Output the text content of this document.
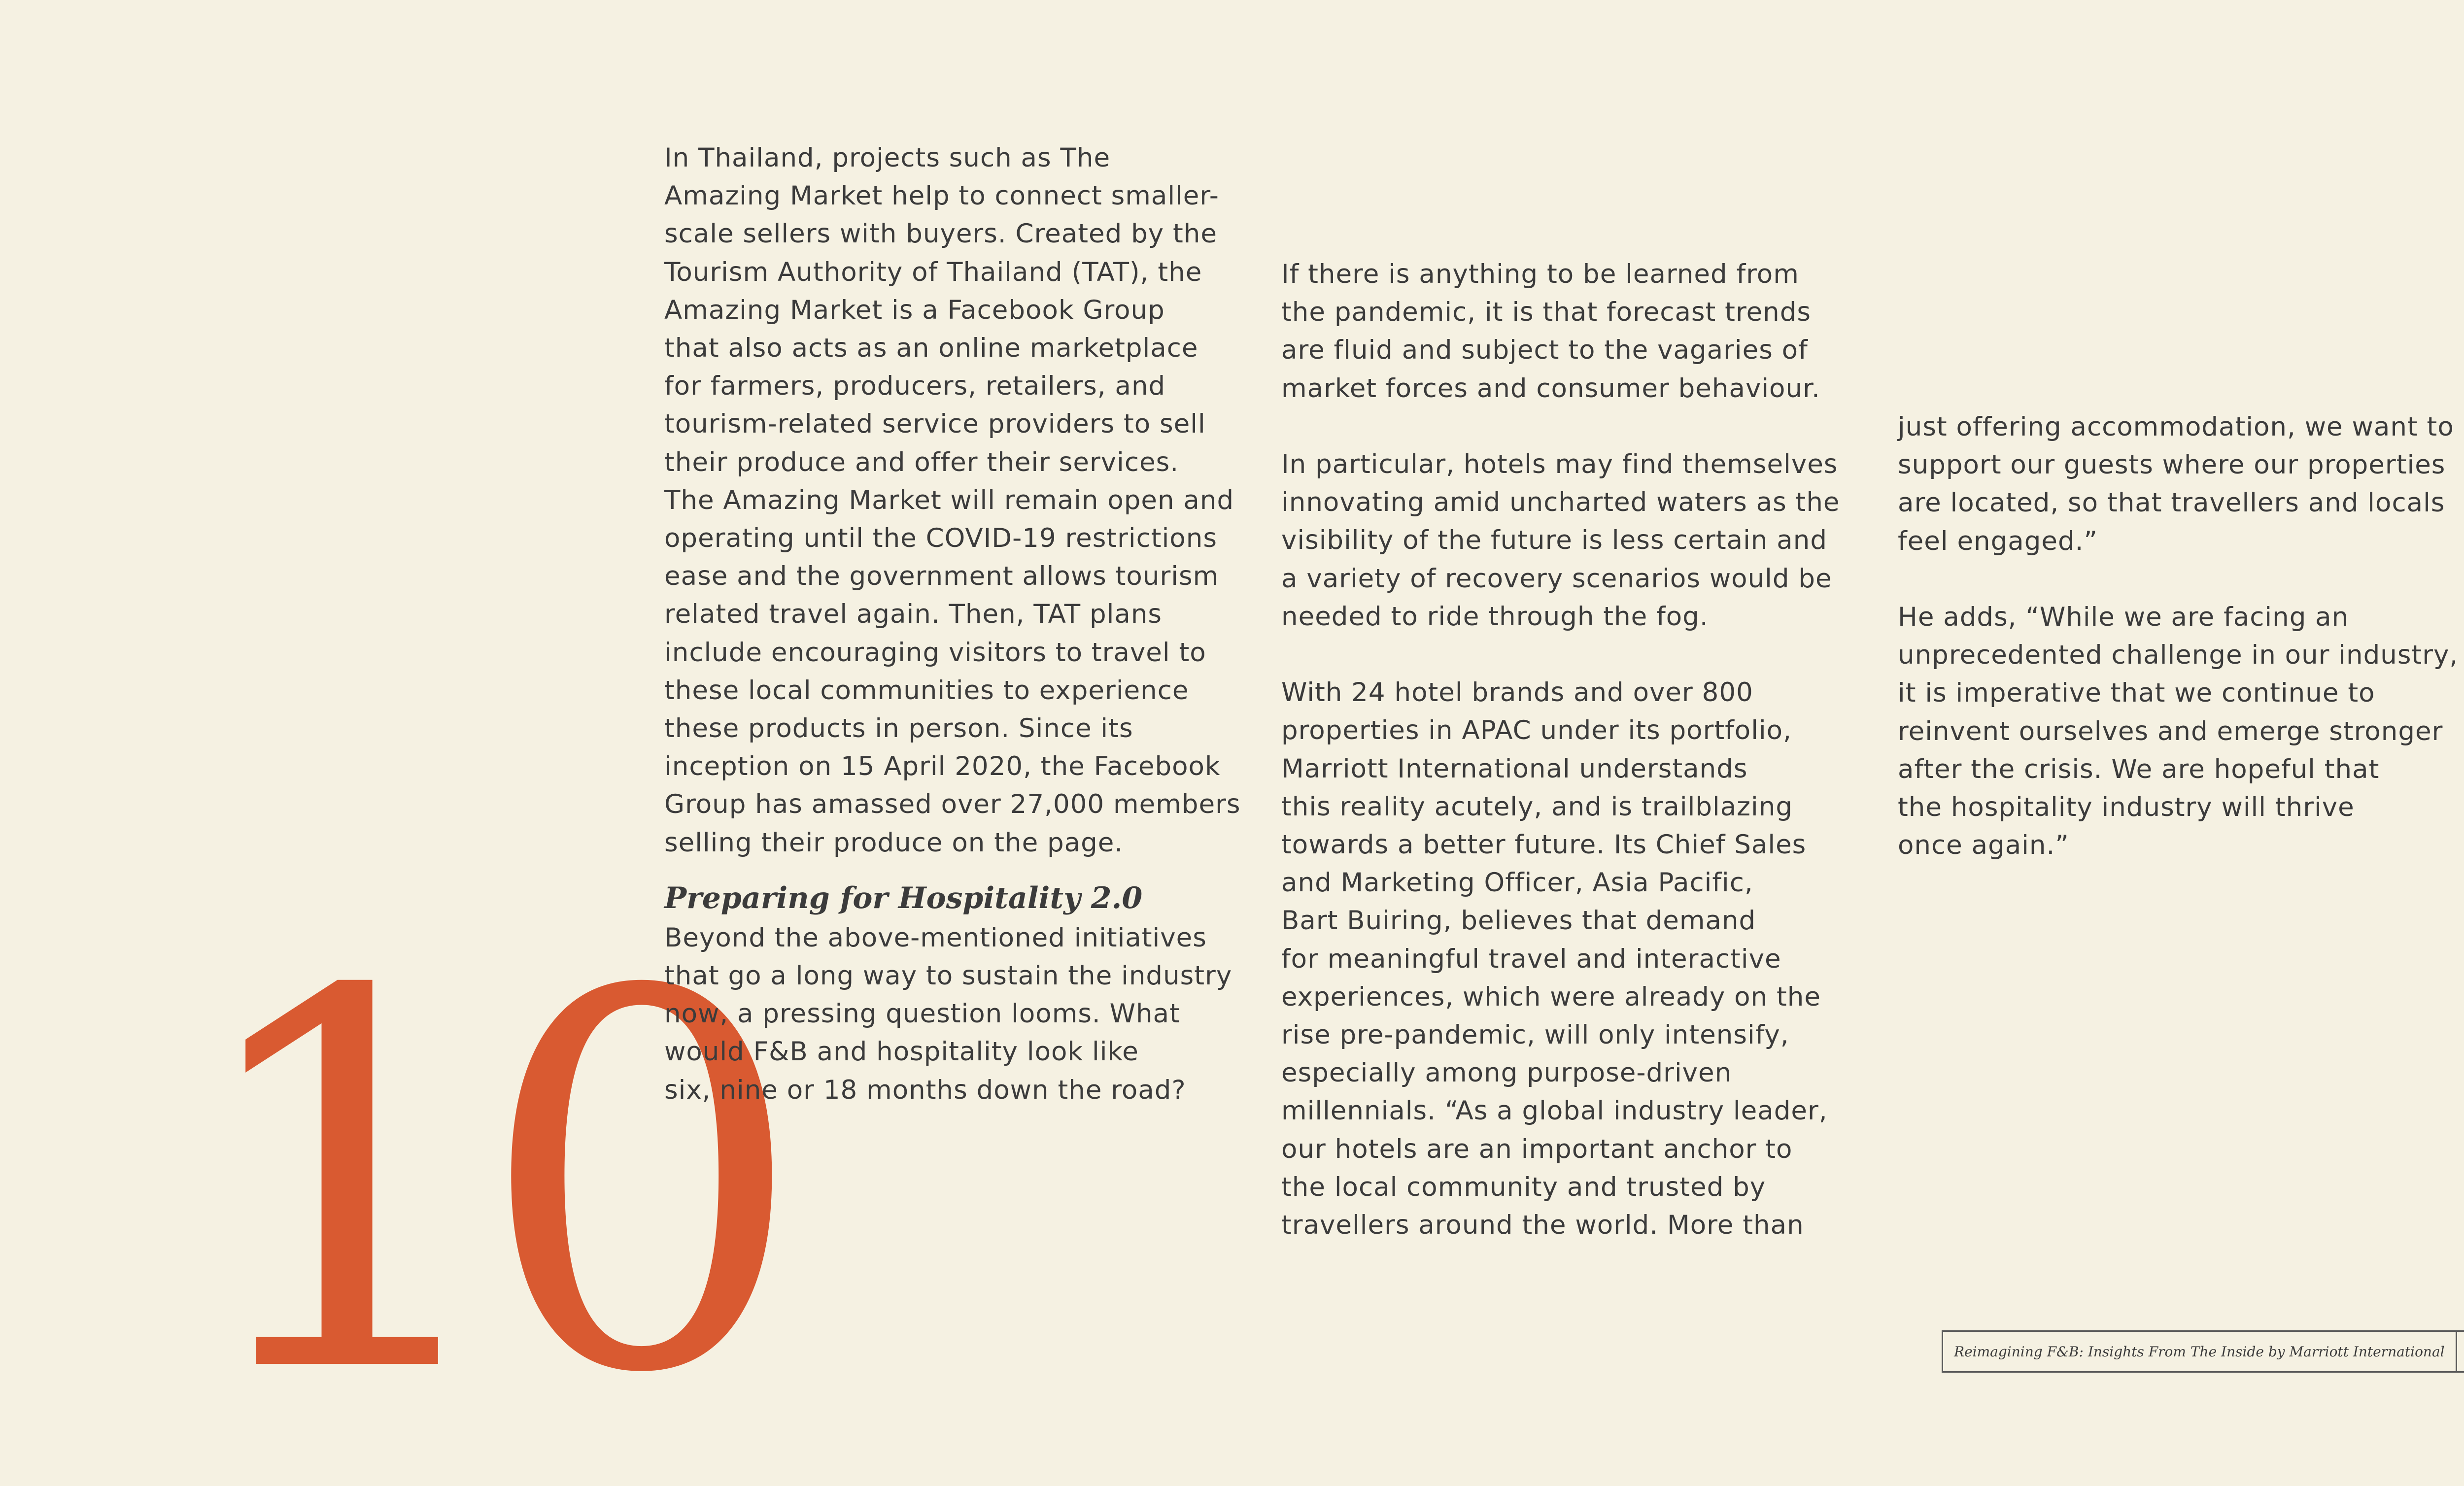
10

In Thailand, projects such as The
Amazing Market help to connect smaller-
scale sellers with buyers. Created by the
Tourism Authority of Thailand (TAT), the
Amazing Market is a Facebook Group
that also acts as an online marketplace
for farmers, producers, retailers, and
tourism-related service providers to sell
their produce and offer their services.
The Amazing Market will remain open and
operating until the COVID-19 restrictions
ease and the government allows tourism
related travel again. Then, TAT plans
include encouraging visitors to travel to
these local communities to experience
these products in person. Since its
inception on 15 April 2020, the Facebook
Group has amassed over 27,000 members
selling their produce on the page.

Preparing for Hospitality 2.0

Beyond the above-mentioned initiatives
that go a long way to sustain the industry
now, a pressing question looms. What
would F&B and hospitality look like
six, nine or 18 months down the road?

If there is anything to be learned from
the pandemic, it is that forecast trends
are fluid and subject to the vagaries of
market forces and consumer behaviour.

In particular, hotels may find themselves
innovating amid uncharted waters as the
visibility of the future is less certain and
a variety of recovery scenarios would be
needed to ride through the fog.

With 24 hotel brands and over 800
properties in APAC under its portfolio,
Marriott International understands
this reality acutely, and is trailblazing
towards a better future. Its Chief Sales
and Marketing Officer, Asia Pacific,
Bart Buiring, believes that demand
for meaningful travel and interactive
experiences, which were already on the
rise pre-pandemic, will only intensify,
especially among purpose-driven
millennials. “As a global industry leader,
our hotels are an important anchor to
the local community and trusted by
travellers around the world. More than

just offering accommodation, we want to
support our guests where our properties
are located, so that travellers and locals
feel engaged.”

He adds, “While we are facing an
unprecedented challenge in our industry,
it is imperative that we continue to
reinvent ourselves and emerge stronger
after the crisis. We are hopeful that
the hospitality industry will thrive
once again.”

Reimagining F&B: Insights From The Inside by Marriott International
